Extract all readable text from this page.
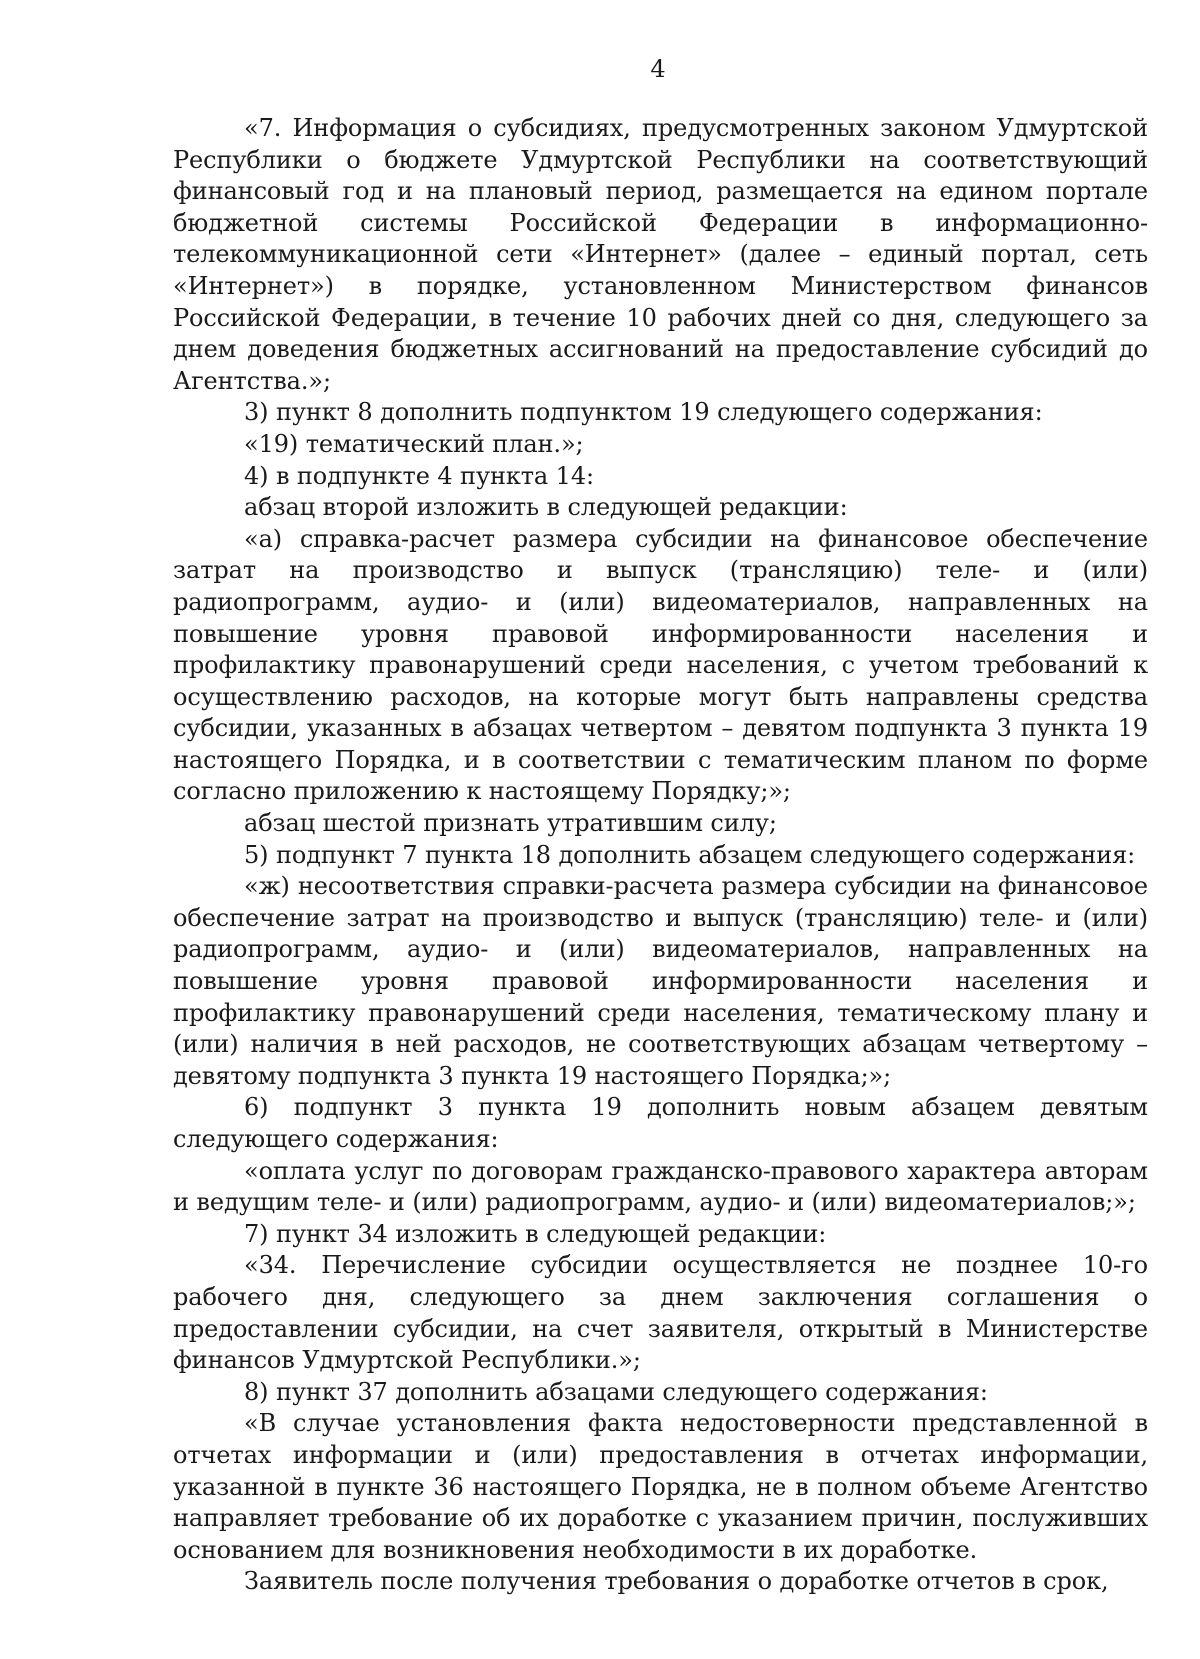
4

«7. Информация о субсидиях, предусмотренных законом Удмуртской Республики о бюджете Удмуртской Республики на соответствующий финансовый год и на плановый период, размещается на едином портале бюджетной системы Российской Федерации в информационно-телекоммуникационной сети «Интернет» (далее – единый портал, сеть «Интернет») в порядке, установленном Министерством финансов Российской Федерации, в течение 10 рабочих дней со дня, следующего за днем доведения бюджетных ассигнований на предоставление субсидий до Агентства.»;

3) пункт 8 дополнить подпунктом 19 следующего содержания:

«19) тематический план.»;

4) в подпункте 4 пункта 14:

абзац второй изложить в следующей редакции:

«а) справка-расчет размера субсидии на финансовое обеспечение затрат на производство и выпуск (трансляцию) теле- и (или) радиопрограмм, аудио- и (или) видеоматериалов, направленных на повышение уровня правовой информированности населения и профилактику правонарушений среди населения, с учетом требований к осуществлению расходов, на которые могут быть направлены средства субсидии, указанных в абзацах четвертом – девятом подпункта 3 пункта 19 настоящего Порядка, и в соответствии с тематическим планом по форме согласно приложению к настоящему Порядку;»;

абзац шестой признать утратившим силу;

5) подпункт 7 пункта 18 дополнить абзацем следующего содержания:

«ж) несоответствия справки-расчета размера субсидии на финансовое обеспечение затрат на производство и выпуск (трансляцию) теле- и (или) радиопрограмм, аудио- и (или) видеоматериалов, направленных на повышение уровня правовой информированности населения и профилактику правонарушений среди населения, тематическому плану и (или) наличия в ней расходов, не соответствующих абзацам четвертому – девятому подпункта 3 пункта 19 настоящего Порядка;»;

6) подпункт 3 пункта 19 дополнить новым абзацем девятым следующего содержания:

«оплата услуг по договорам гражданско-правового характера авторам и ведущим теле- и (или) радиопрограмм, аудио- и (или) видеоматериалов;»;

7) пункт 34 изложить в следующей редакции:

«34. Перечисление субсидии осуществляется не позднее 10-го рабочего дня, следующего за днем заключения соглашения о предоставлении субсидии, на счет заявителя, открытый в Министерстве финансов Удмуртской Республики.»;

8) пункт 37 дополнить абзацами следующего содержания:

«В случае установления факта недостоверности представленной в отчетах информации и (или) предоставления в отчетах информации, указанной в пункте 36 настоящего Порядка, не в полном объеме Агентство направляет требование об их доработке с указанием причин, послуживших основанием для возникновения необходимости в их доработке.

Заявитель после получения требования о доработке отчетов в срок,
